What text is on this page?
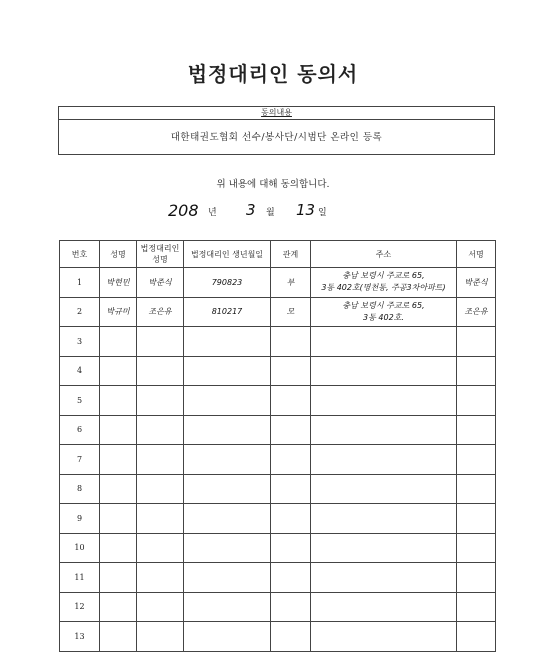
법정대리인 동의서
동의내용
대한태권도협회 선수/봉사단/시범단 온라인 등록
위 내용에 대해 동의합니다.
208 년 3 월 13 일
번호	성명	법정대리인 성명	법정대리인 생년월일	관계	주소	서명
1	박현민	박준식	790823	부	충남 보령시 주교로 65,
3동 402호(명천동, 주공3차아파트)	박준식
2	박규미	조은유	810217	모	충남 보령시 주교로 65,
3동 402호.	조은유
3					

4					

5					

6					

7					

8					

9					

10					

11					

12					

13					
